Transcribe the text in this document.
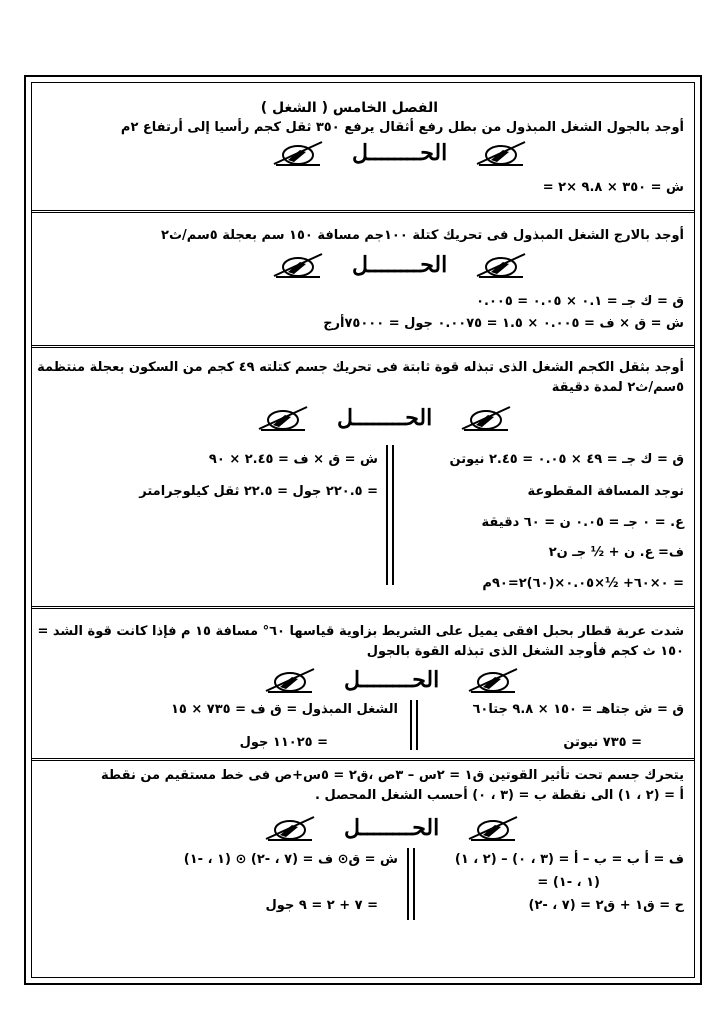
الفصل الخامس ( الشغل )
أوجد بالجول الشغل المبذول من بطل رفع أثقال يرفع ٣٥٠ ثقل كجم رأسيا إلى أرتفاع ٢م
الحــــــــل
ش = ٣٥٠ × ٩.٨ ×٢ =
أوجد بالارج الشغل المبذول فى تحريك كتلة ١٠٠جم مسافة ١٥٠ سم بعجلة ٥سم/ث٢
الحــــــــل
ق = ك جـ = ٠.١ × ٠.٠٥ = ٠.٠٠٥
ش = ق × ف = ٠.٠٠٥ × ١.٥ = ٠.٠٠٧٥ جول = ٧٥٠٠٠أرج
أوجد بثقل الكجم الشغل الذى تبذله قوة ثابتة فى تحريك جسم كتلته ٤٩ كجم من السكون بعجلة منتظمة
٥سم/ث٢ لمدة دقيقة
الحــــــــل
ق = ك جـ = ٤٩ × ٠.٠٥ = ٢.٤٥ نيوتن
نوجد المسافة المقطوعة
ع. = ٠ جـ = ٠.٠٥ ن = ٦٠ دقيقة
ف= ع. ن + ½ جـ ن٢
= ٠×٦٠+ ½×٠.٠٥×(٦٠)٢=٩٠م
ش = ق × ف = ٢.٤٥ × ٩٠
= ٢٢٠.٥ جول = ٢٢.٥ ثقل كيلوجرامتر
شدت عربة قطار بحبل افقى يميل على الشريط بزاوية قياسها ٦٠° مسافة ١٥ م فإذا كانت قوة الشد =
١٥٠ ث كجم فأوجد الشغل الذى تبذله القوة بالجول
الحــــــــل
ق = ش جتاهـ = ١٥٠ × ٩.٨ جتا٦٠
= ٧٣٥ نيوتن
الشغل المبذول = ق ف = ٧٣٥ × ١٥
= ١١٠٢٥ جول
يتحرك جسم تحت تأثير القوتين ق١ = ٢س – ٣ص ،ق٢ = ٥س+ص فى خط مستقيم من نقطة
أ = (٢ ، ١) الى نقطة ب = (٣ ، ٠) أحسب الشغل المحصل .
الحــــــــل
ف = أ ب = ب – أ = (٣ ، ٠) – (٢ ، ١)
= (١ ، -١)
ح = ق١ + ق٢ = (٧ ، -٢)
ش = ق⊙ ف = (٧ ، -٢) ⊙ (١ ، -١)
= ٧ + ٢ = ٩ جول
